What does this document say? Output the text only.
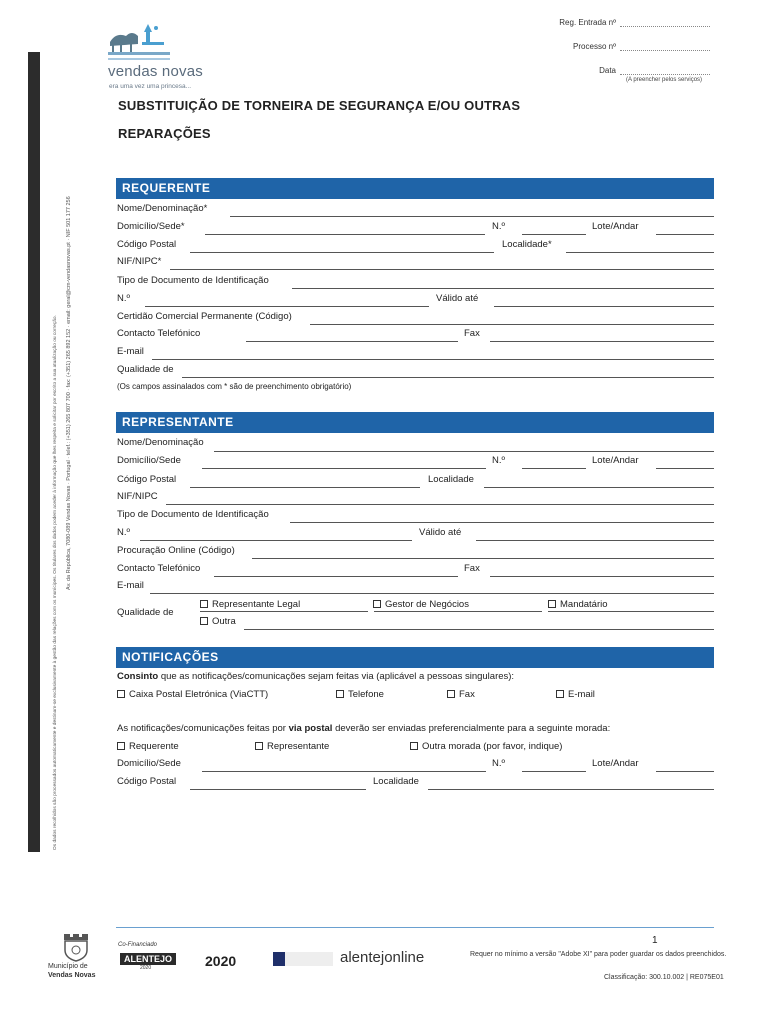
Av. da República, 7080-089 Vendas Novas · Portugal · telef.: (+351) 265 807 700 · fax: (+351) 265 892 152 · email: geral@cm-vendasnovas.pt · NIF 501 177 256
Os dados recolhidos são processados automaticamente e destinam-se exclusivamente à gestão das relações com os munícipes. Os titulares dos dados podem aceder à informação que lhes respeita e solicitar por escrito a sua atualização ou correção.
vendas novas
era uma vez uma princesa...
Reg. Entrada nº
Processo nº
Data
(A preencher pelos serviços)
SUBSTITUIÇÃO DE TORNEIRA DE SEGURANÇA E/OU OUTRAS
REPARAÇÕES
REQUERENTE
Nome/Denominação*
Domicílio/Sede*	N.º	Lote/Andar
Código Postal	Localidade*
NIF/NIPC*
Tipo de Documento de Identificação
N.º	Válido até
Certidão Comercial Permanente (Código)
Contacto Telefónico	Fax
E-mail
Qualidade de
(Os campos assinalados com * são de preenchimento obrigatório)
REPRESENTANTE
Nome/Denominação
Domicílio/Sede	N.º	Lote/Andar
Código Postal	Localidade
NIF/NIPC
Tipo de Documento de Identificação
N.º	Válido até
Procuração Online (Código)
Contacto Telefónico	Fax
E-mail
Qualidade de
Representante Legal	Gestor de Negócios	Mandatário
Outra
NOTIFICAÇÕES
Consinto que as notificações/comunicações sejam feitas via (aplicável a pessoas singulares):
Caixa Postal Eletrónica (ViaCTT)	Telefone	Fax	E-mail
As notificações/comunicações feitas por via postal deverão ser enviadas preferencialmente para a seguinte morada:
Requerente	Representante	Outra morada (por favor, indique)
Domicílio/Sede	N.º	Lote/Andar
Código Postal	Localidade
1
Requer no mínimo a versão "Adobe XI" para poder guardar os dados preenchidos.
Classificação: 300.10.002 | RE075E01
Município de
Vendas Novas
Co-Financiado
ALENTEJO
2020	2020	alentejonline
